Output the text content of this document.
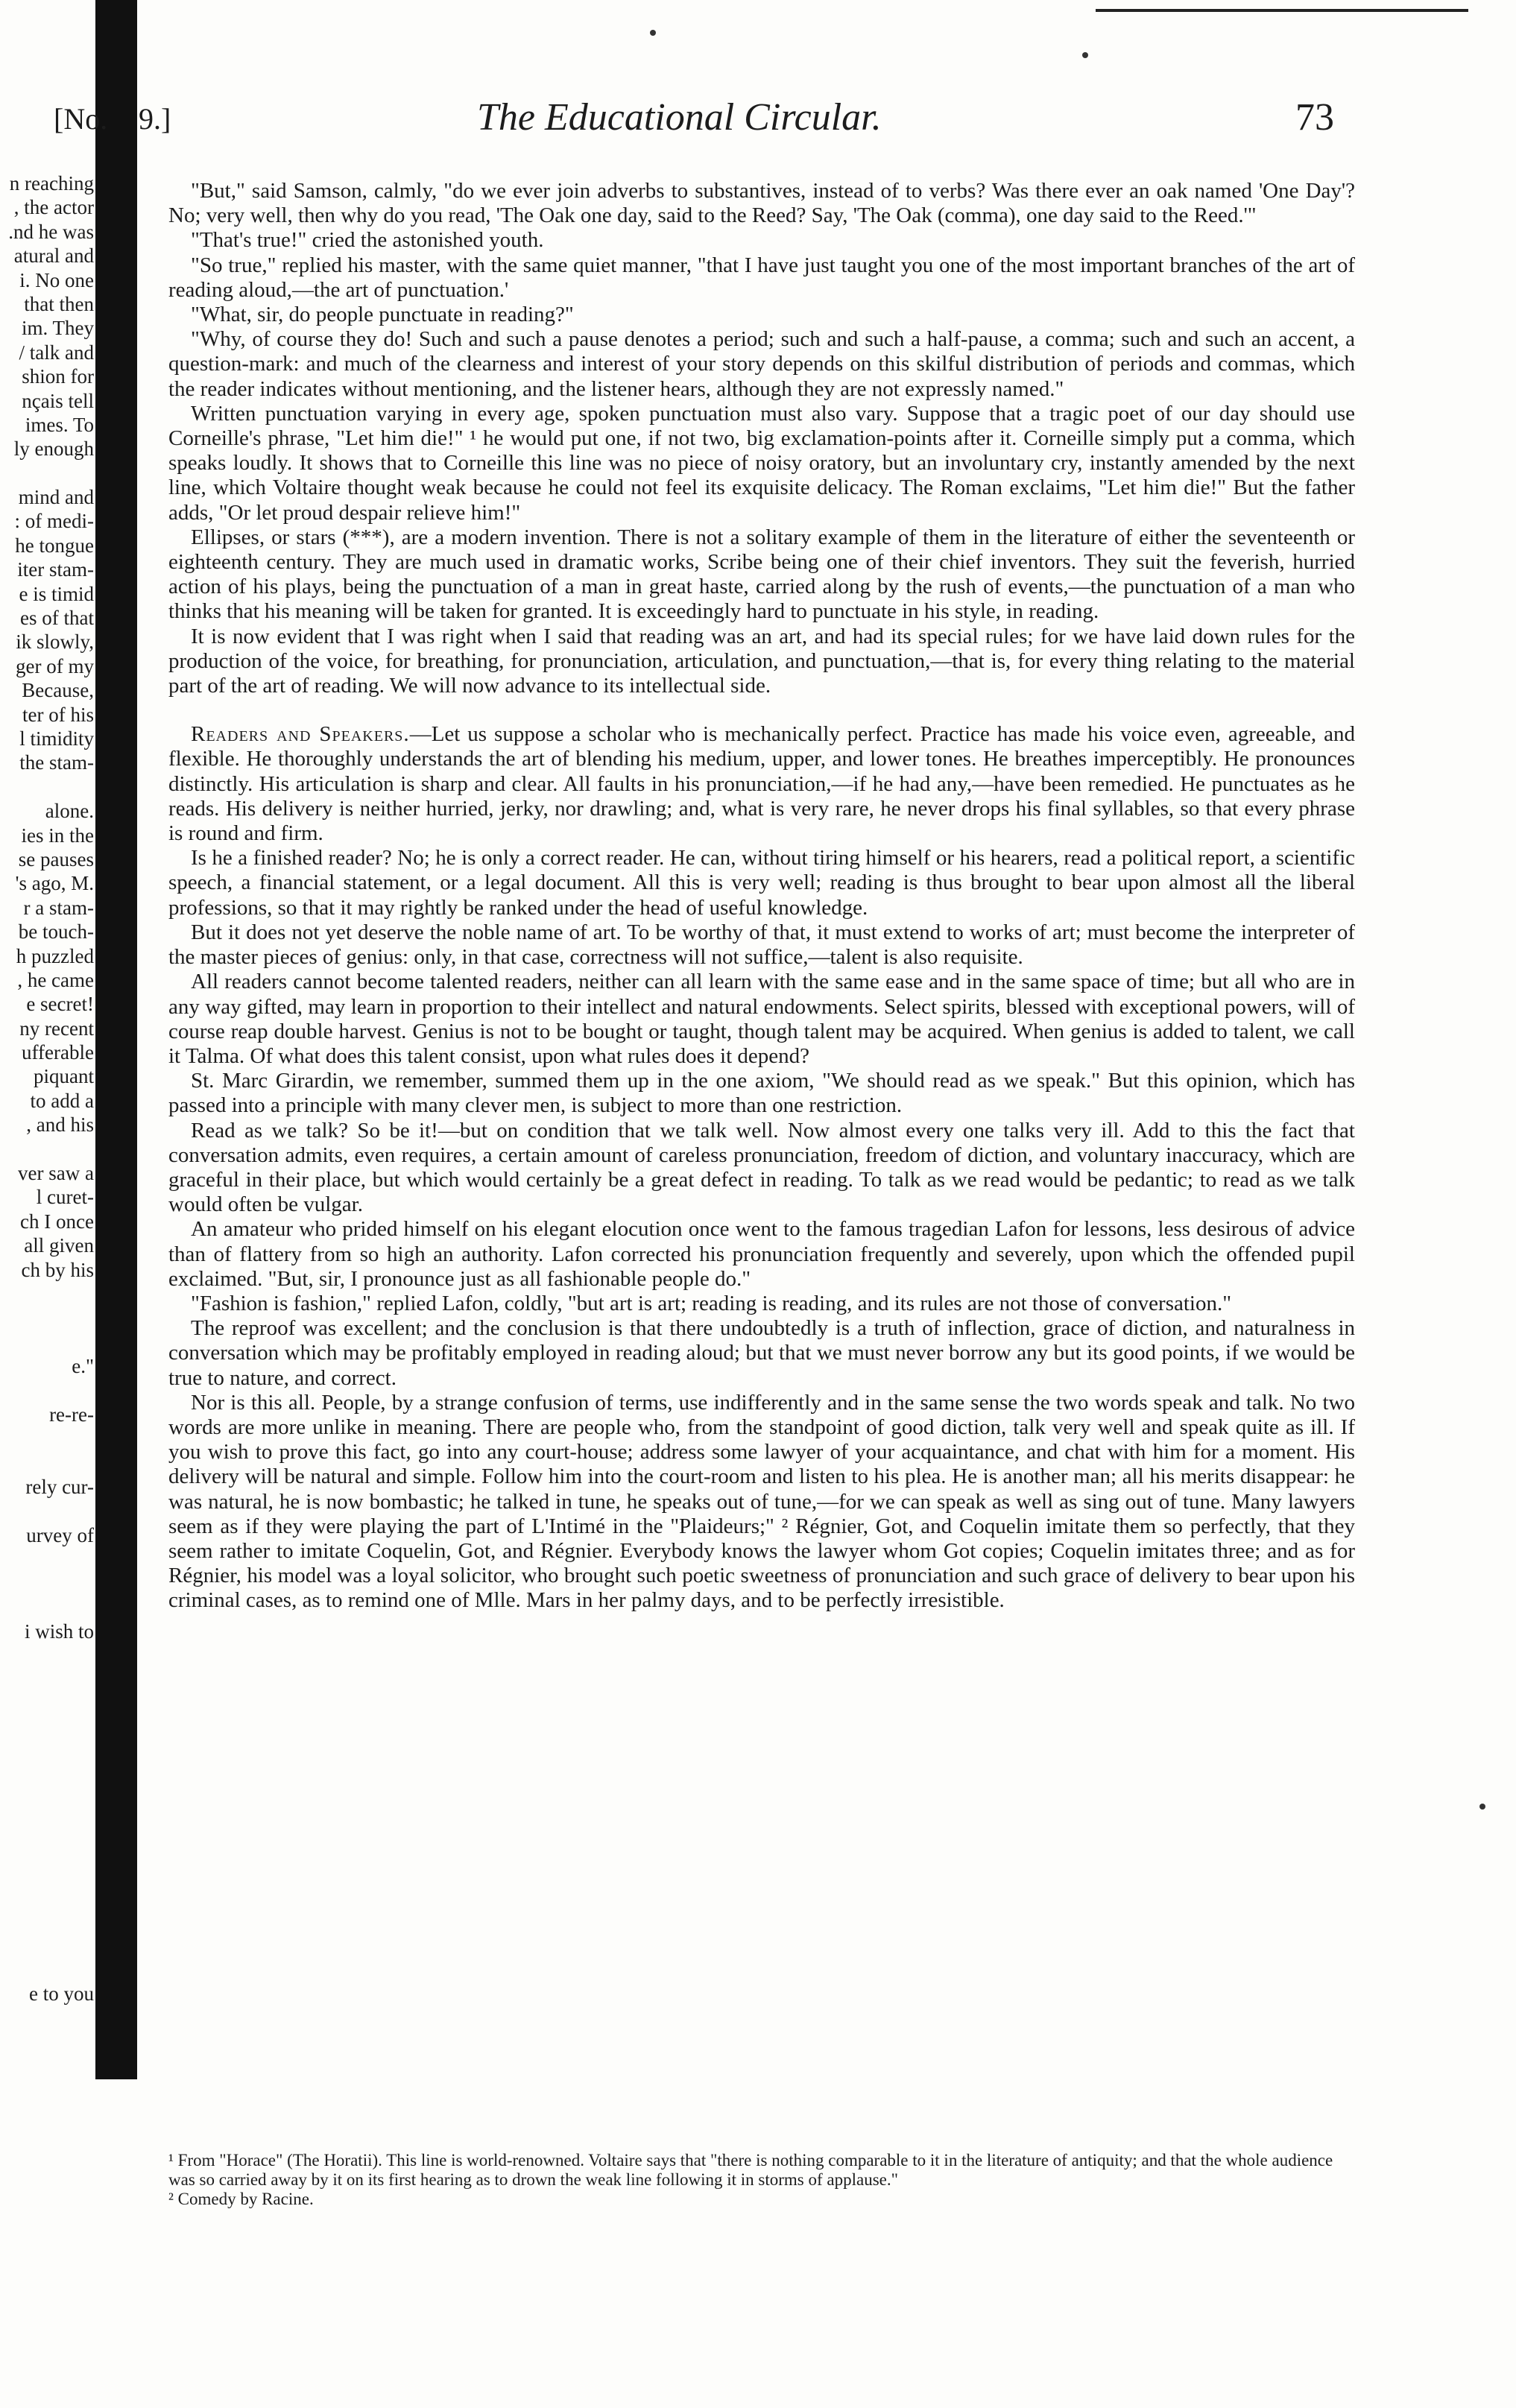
n reaching
, the actor
.nd he was
atural and
i. No one
that then
im. They
/ talk and
shion for
nçais tell
imes. To
ly enough
mind and
: of medi-
he tongue
iter stam-
e is timid
es of that
ik slowly,
ger of my
Because,
ter of his
l timidity
the stam-
alone.
ies in the
se pauses
's ago, M.
r a stam-
be touch-
h puzzled
, he came
e secret!
ny recent
ufferable
piquant
to add a
, and his
ver saw a
l curet-
ch I once
all given
ch by his
e."
re-re-
rely cur-
urvey of
i wish to
e to you
[No. 9.]	The Educational Circular.	73

"But," said Samson, calmly, "do we ever join adverbs to substantives, instead of to verbs? Was there ever an oak named 'One Day'? No; very well, then why do you read, 'The Oak one day, said to the Reed? Say, 'The Oak (comma), one day said to the Reed.'"

"That's true!" cried the astonished youth.

"So true," replied his master, with the same quiet manner, "that I have just taught you one of the most important branches of the art of reading aloud,—the art of punctuation.'

"What, sir, do people punctuate in reading?"

"Why, of course they do! Such and such a pause denotes a period; such and such a half-pause, a comma; such and such an accent, a question-mark: and much of the clearness and interest of your story depends on this skilful distribution of periods and commas, which the reader indicates without mentioning, and the listener hears, although they are not expressly named."

Written punctuation varying in every age, spoken punctuation must also vary. Suppose that a tragic poet of our day should use Corneille's phrase, "Let him die!" ¹ he would put one, if not two, big exclamation-points after it. Corneille simply put a comma, which speaks loudly. It shows that to Corneille this line was no piece of noisy oratory, but an involuntary cry, instantly amended by the next line, which Voltaire thought weak because he could not feel its exquisite delicacy. The Roman exclaims, "Let him die!" But the father adds, "Or let proud despair relieve him!"

Ellipses, or stars (***), are a modern invention. There is not a solitary example of them in the literature of either the seventeenth or eighteenth century. They are much used in dramatic works, Scribe being one of their chief inventors. They suit the feverish, hurried action of his plays, being the punctuation of a man in great haste, carried along by the rush of events,—the punctuation of a man who thinks that his meaning will be taken for granted. It is exceedingly hard to punctuate in his style, in reading.

It is now evident that I was right when I said that reading was an art, and had its special rules; for we have laid down rules for the production of the voice, for breathing, for pronunciation, articulation, and punctuation,—that is, for every thing relating to the material part of the art of reading. We will now advance to its intellectual side.

Readers and Speakers.—Let us suppose a scholar who is mechanically perfect. Practice has made his voice even, agreeable, and flexible. He thoroughly understands the art of blending his medium, upper, and lower tones. He breathes imperceptibly. He pronounces distinctly. His articulation is sharp and clear. All faults in his pronunciation,—if he had any,—have been remedied. He punctuates as he reads. His delivery is neither hurried, jerky, nor drawling; and, what is very rare, he never drops his final syllables, so that every phrase is round and firm.

Is he a finished reader? No; he is only a correct reader. He can, without tiring himself or his hearers, read a political report, a scientific speech, a financial statement, or a legal document. All this is very well; reading is thus brought to bear upon almost all the liberal professions, so that it may rightly be ranked under the head of useful knowledge.

But it does not yet deserve the noble name of art. To be worthy of that, it must extend to works of art; must become the interpreter of the master pieces of genius: only, in that case, correctness will not suffice,—talent is also requisite.

All readers cannot become talented readers, neither can all learn with the same ease and in the same space of time; but all who are in any way gifted, may learn in proportion to their intellect and natural endowments. Select spirits, blessed with exceptional powers, will of course reap double harvest. Genius is not to be bought or taught, though talent may be acquired. When genius is added to talent, we call it Talma. Of what does this talent consist, upon what rules does it depend?

St. Marc Girardin, we remember, summed them up in the one axiom, "We should read as we speak." But this opinion, which has passed into a principle with many clever men, is subject to more than one restriction.

Read as we talk? So be it!—but on condition that we talk well. Now almost every one talks very ill. Add to this the fact that conversation admits, even requires, a certain amount of careless pronunciation, freedom of diction, and voluntary inaccuracy, which are graceful in their place, but which would certainly be a great defect in reading. To talk as we read would be pedantic; to read as we talk would often be vulgar.

An amateur who prided himself on his elegant elocution once went to the famous tragedian Lafon for lessons, less desirous of advice than of flattery from so high an authority. Lafon corrected his pronunciation frequently and severely, upon which the offended pupil exclaimed. "But, sir, I pronounce just as all fashionable people do."

"Fashion is fashion," replied Lafon, coldly, "but art is art; reading is reading, and its rules are not those of conversation."

The reproof was excellent; and the conclusion is that there undoubtedly is a truth of inflection, grace of diction, and naturalness in conversation which may be profitably employed in reading aloud; but that we must never borrow any but its good points, if we would be true to nature, and correct.

Nor is this all. People, by a strange confusion of terms, use indifferently and in the same sense the two words speak and talk. No two words are more unlike in meaning. There are people who, from the standpoint of good diction, talk very well and speak quite as ill. If you wish to prove this fact, go into any court-house; address some lawyer of your acquaintance, and chat with him for a moment. His delivery will be natural and simple. Follow him into the court-room and listen to his plea. He is another man; all his merits disappear: he was natural, he is now bombastic; he talked in tune, he speaks out of tune,—for we can speak as well as sing out of tune. Many lawyers seem as if they were playing the part of L'Intimé in the "Plaideurs;" ² Régnier, Got, and Coquelin imitate them so perfectly, that they seem rather to imitate Coquelin, Got, and Régnier. Everybody knows the lawyer whom Got copies; Coquelin imitates three; and as for Régnier, his model was a loyal solicitor, who brought such poetic sweetness of pronunciation and such grace of delivery to bear upon his criminal cases, as to remind one of Mlle. Mars in her palmy days, and to be perfectly irresistible.

¹ From "Horace" (The Horatii). This line is world-renowned. Voltaire says that "there is nothing comparable to it in the literature of antiquity; and that the whole audience was so carried away by it on its first hearing as to drown the weak line following it in storms of applause."

² Comedy by Racine.
